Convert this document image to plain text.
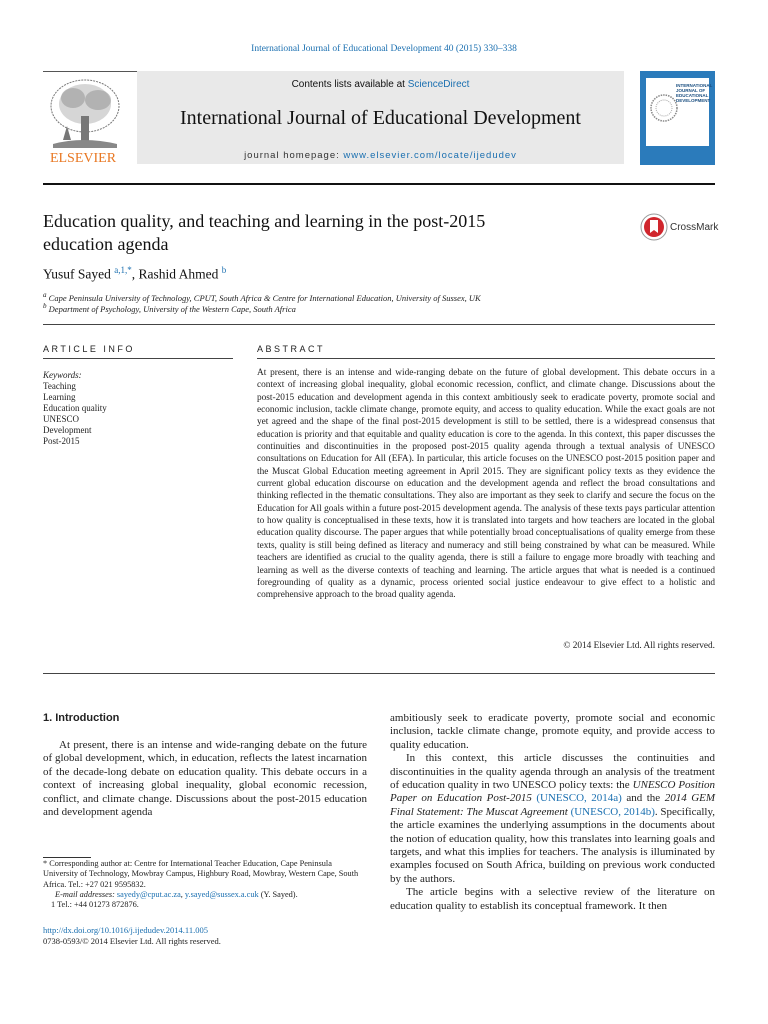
International Journal of Educational Development 40 (2015) 330–338
ELSEVIER
Contents lists available at ScienceDirect
International Journal of Educational Development
journal homepage: www.elsevier.com/locate/ijedudev
INTERNATIONAL JOURNAL OF EDUCATIONAL DEVELOPMENT
Education quality, and teaching and learning in the post-2015
education agenda
CrossMark
Yusuf Sayed $^{a,1,*}$, Rashid Ahmed $^b$
$^a$ Cape Peninsula University of Technology, CPUT, South Africa & Centre for International Education, University of Sussex, UK
$^b$ Department of Psychology, University of the Western Cape, South Africa
ARTICLE INFO	ABSTRACT
Keywords:
Teaching
Learning
Education quality
UNESCO
Development
Post-2015
At present, there is an intense and wide-ranging debate on the future of global development. This debate occurs in a context of increasing global inequality, global economic recession, conflict, and climate change. Discussions about the post-2015 education and development agenda in this context ambitiously seek to eradicate poverty, promote social and economic inclusion, tackle climate change, promote equity, and access to quality education. While the exact goals are not yet agreed and the shape of the final post-2015 development is still to be settled, there is a widespread consensus that education is priority and that equitable and quality education is core to the agenda. In this context, this paper discusses the continuities and discontinuities in the proposed post-2015 quality agenda through a textual analysis of UNESCO consultations on Education for All (EFA). In particular, this article focuses on the UNESCO post-2015 position paper and the Muscat Global Education meeting agreement in April 2015. They are significant policy texts as they evidence the current global education discourse on education and the development agenda and reflect the broad consultations and thinking reflected in the thematic consultations. They also are important as they seek to clarify and secure the focus on the Education for All goals within a future post-2015 development agenda. The analysis of these texts pays particular attention to how quality is conceptualised in these texts, how it is translated into targets and how teachers are located in the global education quality discourse. The paper argues that while potentially broad conceptualisations of quality emerge from these texts, quality is still being defined as literacy and numeracy and still being constrained by what can be measured. While teachers are identified as crucial to the quality agenda, there is still a failure to engage more broadly with teaching and learning as well as the diverse contexts of teaching and learning. The article argues that what is needed is a continued foregrounding of quality as a dynamic, process oriented social justice endeavour to give effect to a holistic and comprehensive approach to the broad quality agenda.
© 2014 Elsevier Ltd. All rights reserved.
1. Introduction

At present, there is an intense and wide-ranging debate on the future of global development, which, in education, reflects the latest incarnation of the decade-long debate on education quality. This debate occurs in a context of increasing global inequality, global economic recession, conflict, and climate change. Discussions about the post-2015 education and development agenda

ambitiously seek to eradicate poverty, promote social and economic inclusion, tackle climate change, promote equity, and provide access to quality education.

In this context, this article discusses the continuities and discontinuities in the quality agenda through an analysis of the treatment of education quality in two UNESCO policy texts: the UNESCO Position Paper on Education Post-2015 (UNESCO, 2014a) and the 2014 GEM Final Statement: The Muscat Agreement (UNESCO, 2014b). Specifically, the article examines the underlying assumptions in the documents about the notion of education quality, how this translates into learning goals and targets, and what this implies for teachers. The analysis is illuminated by examples focused on South Africa, building on previous work conducted by the authors.

The article begins with a selective review of the literature on education quality to establish its conceptual framework. It then

* Corresponding author at: Centre for International Teacher Education, Cape Peninsula University of Technology, Mowbray Campus, Highbury Road, Mowbray, Western Cape, South Africa. Tel.: +27 021 9595832.
E-mail addresses: sayedy@cput.ac.za, y.sayed@sussex.a.cuk (Y. Sayed).
1 Tel.: +44 01273 872876.
http://dx.doi.org/10.1016/j.ijedudev.2014.11.005
0738-0593/© 2014 Elsevier Ltd. All rights reserved.
